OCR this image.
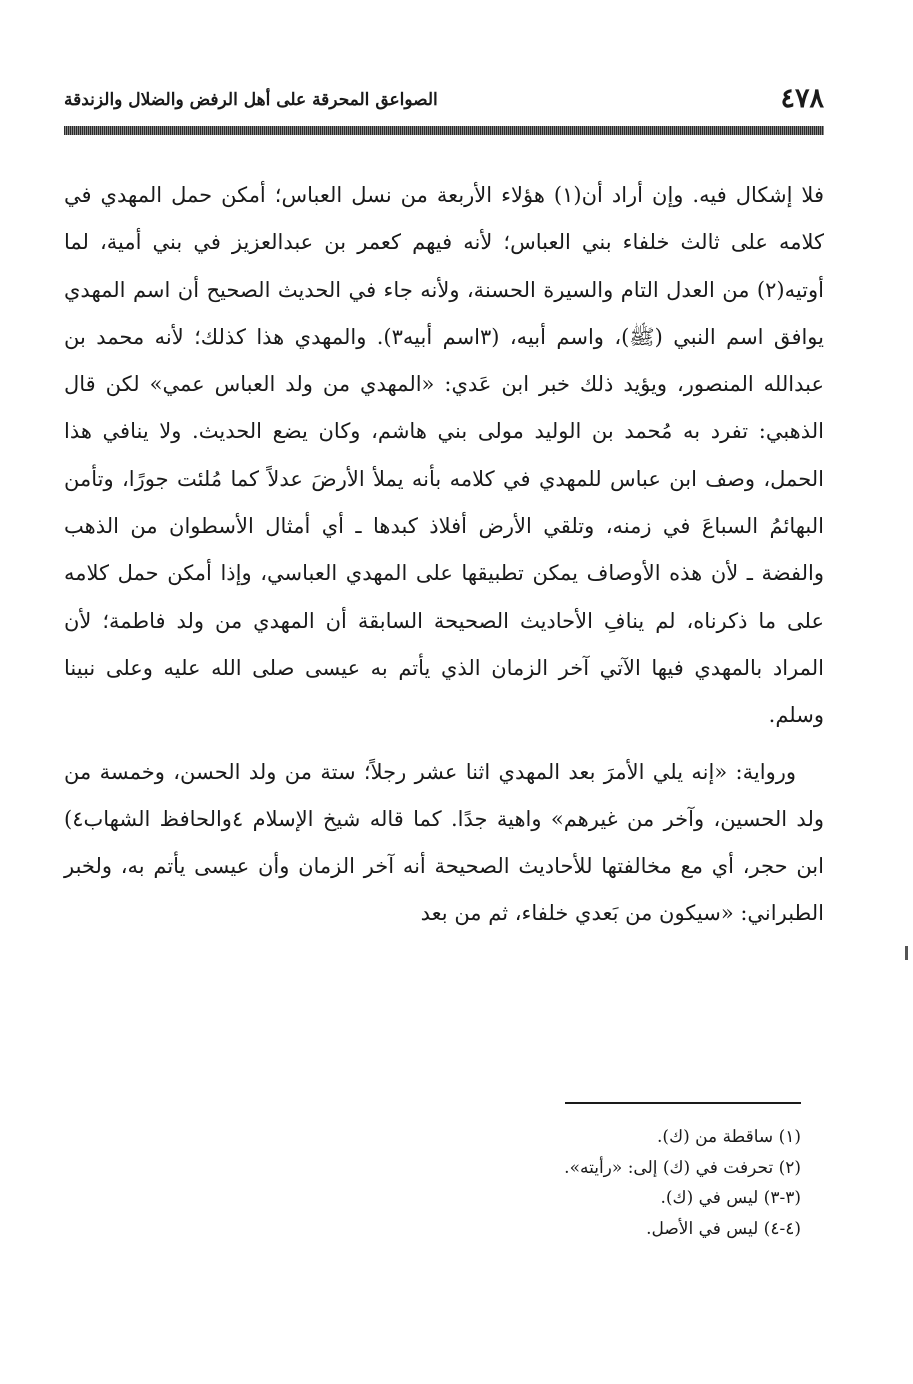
٤٧٨
الصواعق المحرقة على أهل الرفض والضلال والزندقة

فلا إشكال فيه. وإن أراد أن(١) هؤلاء الأربعة من نسل العباس؛ أمكن حمل المهدي في كلامه على ثالث خلفاء بني العباس؛ لأنه فيهم كعمر بن عبدالعزيز في بني أمية، لما أوتيه(٢) من العدل التام والسيرة الحسنة، ولأنه جاء في الحديث الصحيح أن اسم المهدي يوافق اسم النبي (ﷺ)، واسم أبيه، (٣اسم أبيه٣). والمهدي هذا كذلك؛ لأنه محمد بن عبدالله المنصور، ويؤيد ذلك خبر ابن عَدي: «المهدي من ولد العباس عمي» لكن قال الذهبي: تفرد به مُحمد بن الوليد مولى بني هاشم، وكان يضع الحديث. ولا ينافي هذا الحمل، وصف ابن عباس للمهدي في كلامه بأنه يملأ الأرضَ عدلاً كما مُلئت جورًا، وتأمن البهائمُ السباعَ في زمنه، وتلقي الأرض أفلاذ كبدها ـ أي أمثال الأسطوان من الذهب والفضة ـ لأن هذه الأوصاف يمكن تطبيقها على المهدي العباسي، وإذا أمكن حمل كلامه على ما ذكرناه، لم ينافِ الأحاديث الصحيحة السابقة أن المهدي من ولد فاطمة؛ لأن المراد بالمهدي فيها الآتي آخر الزمان الذي يأتم به عيسى صلى الله عليه وعلى نبينا وسلم.

ورواية: «إنه يلي الأمرَ بعد المهدي اثنا عشر رجلاً؛ ستة من ولد الحسن، وخمسة من ولد الحسين، وآخر من غيرهم» واهية جدًا. كما قاله شيخ الإسلام ٤والحافظ الشهاب٤) ابن حجر، أي مع مخالفتها للأحاديث الصحيحة أنه آخر الزمان وأن عيسى يأتم به، ولخبر الطبراني: «سيكون من بَعدي خلفاء، ثم من بعد

(١) ساقطة من (ك).
(٢) تحرفت في (ك) إلى: «رأيته».
(٣-٣) ليس في (ك).
(٤-٤) ليس في الأصل.
